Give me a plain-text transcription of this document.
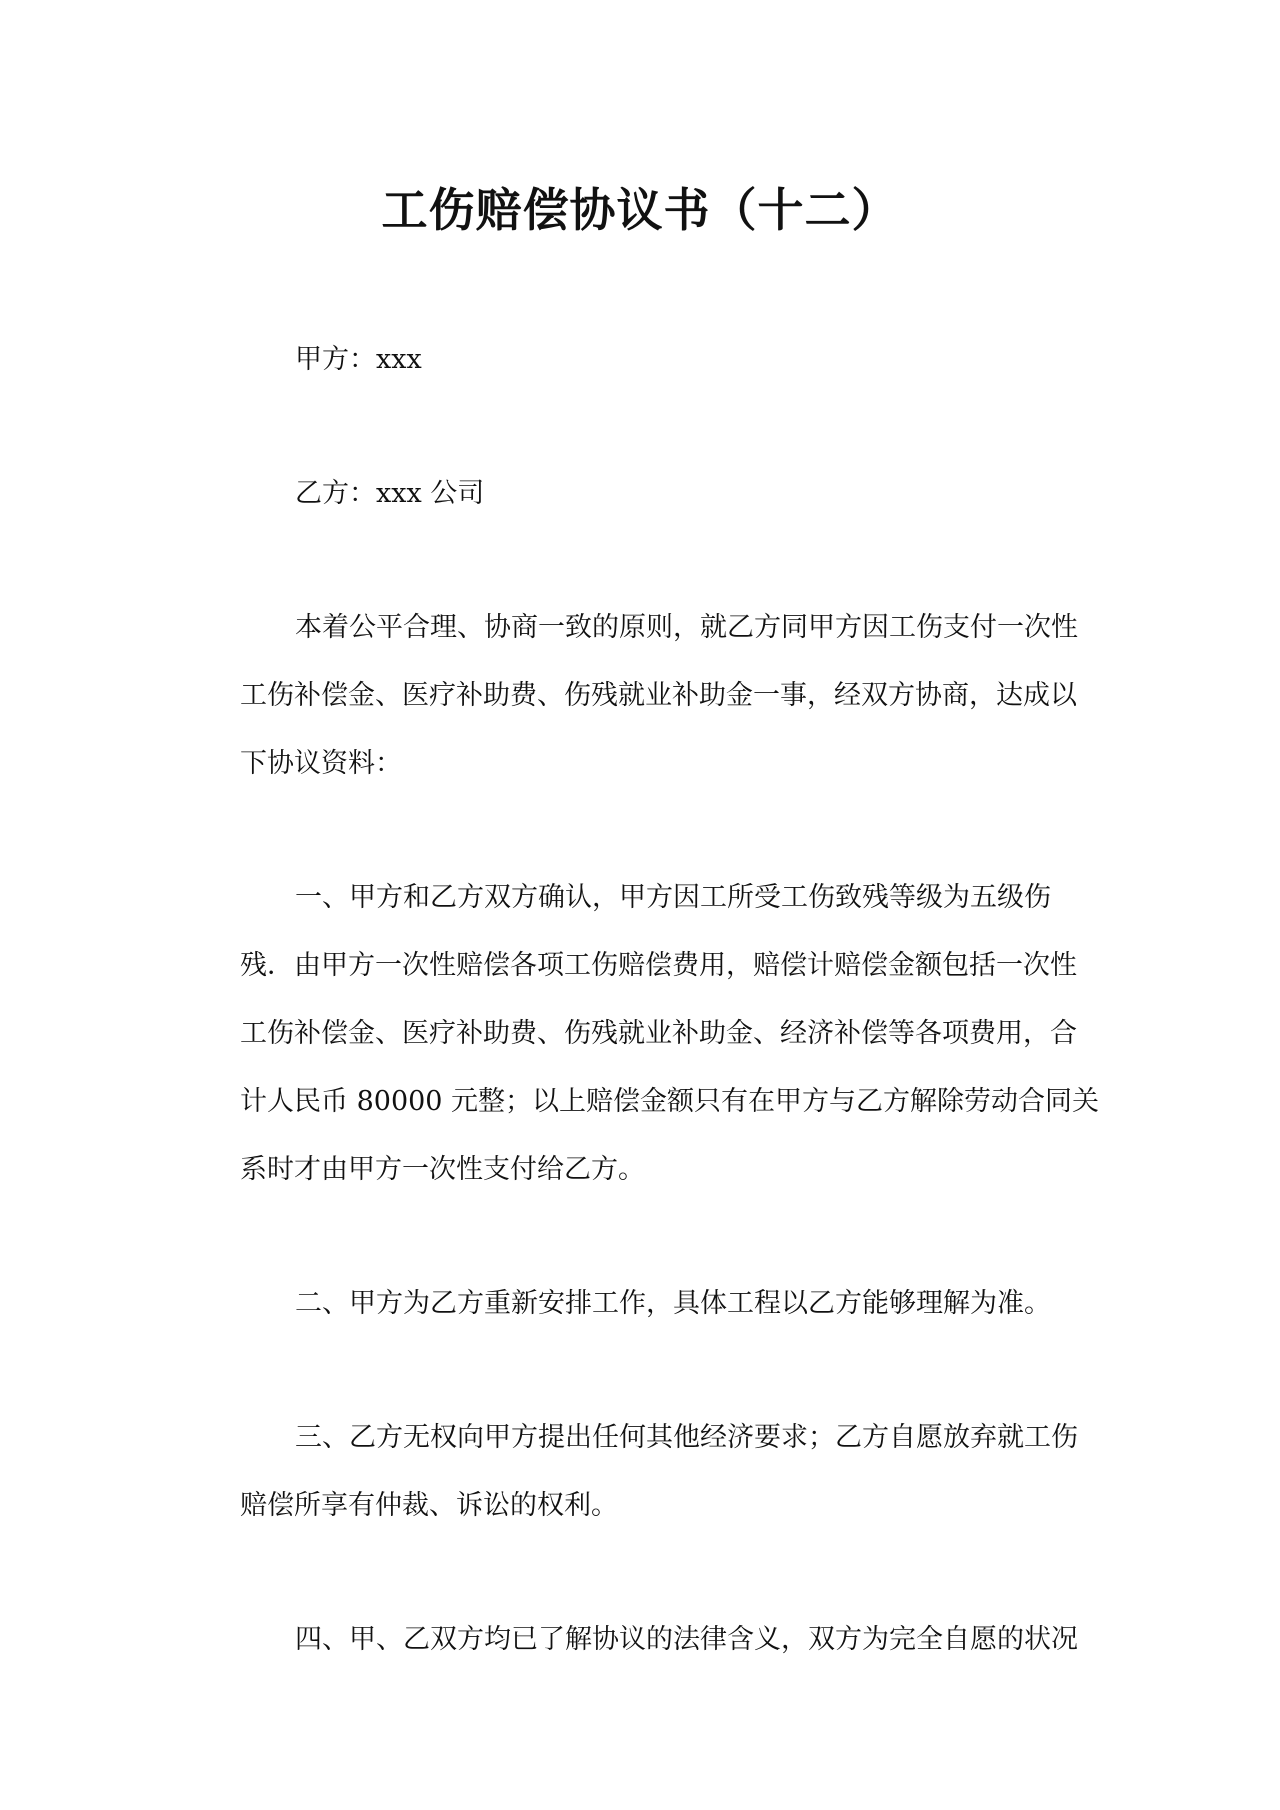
工伤赔偿协议书（十二）
甲方：xxx
乙方：xxx 公司
本着公平合理、协商一致的原则，就乙方同甲方因工伤支付一次性
工伤补偿金、医疗补助费、伤残就业补助金一事，经双方协商，达成以
下协议资料：
一、甲方和乙方双方确认，甲方因工所受工伤致残等级为五级伤
残．由甲方一次性赔偿各项工伤赔偿费用，赔偿计赔偿金额包括一次性
工伤补偿金、医疗补助费、伤残就业补助金、经济补偿等各项费用，合
计人民币 80000 元整；以上赔偿金额只有在甲方与乙方解除劳动合同关
系时才由甲方一次性支付给乙方。
二、甲方为乙方重新安排工作，具体工程以乙方能够理解为准。
三、乙方无权向甲方提出任何其他经济要求；乙方自愿放弃就工伤
赔偿所享有仲裁、诉讼的权利。
四、甲、乙双方均已了解协议的法律含义，双方为完全自愿的状况
